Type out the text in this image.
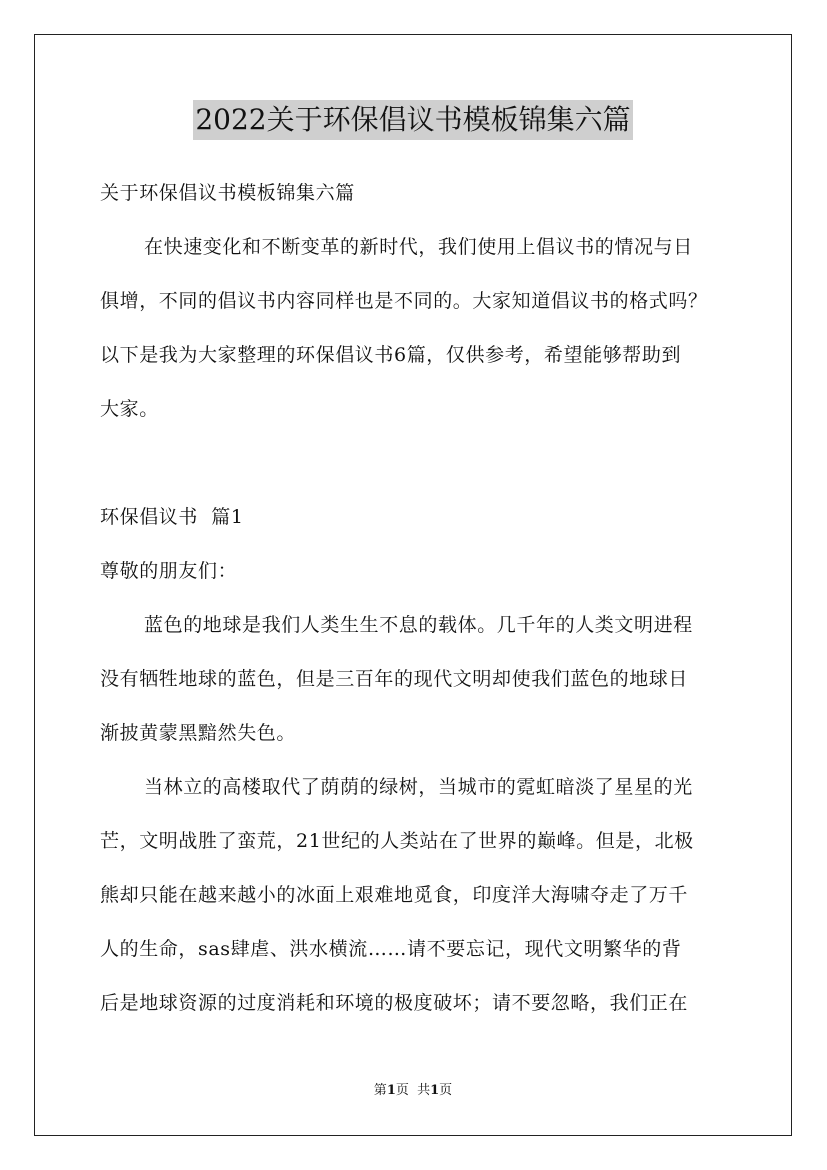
2022关于环保倡议书模板锦集六篇
关于环保倡议书模板锦集六篇
在快速变化和不断变革的新时代，我们使用上倡议书的情况与日
俱增，不同的倡议书内容同样也是不同的。大家知道倡议书的格式吗？
以下是我为大家整理的环保倡议书6篇，仅供参考，希望能够帮助到
大家。
环保倡议书  篇1
尊敬的朋友们：
蓝色的地球是我们人类生生不息的载体。几千年的人类文明进程
没有牺牲地球的蓝色，但是三百年的现代文明却使我们蓝色的地球日
渐披黄蒙黑黯然失色。
当林立的高楼取代了荫荫的绿树，当城市的霓虹暗淡了星星的光
芒，文明战胜了蛮荒，21世纪的人类站在了世界的巅峰。但是，北极
熊却只能在越来越小的冰面上艰难地觅食，印度洋大海啸夺走了万千
人的生命，sas肆虐、洪水横流……请不要忘记，现代文明繁华的背
后是地球资源的过度消耗和环境的极度破坏；请不要忽略，我们正在
第1页  共1页
